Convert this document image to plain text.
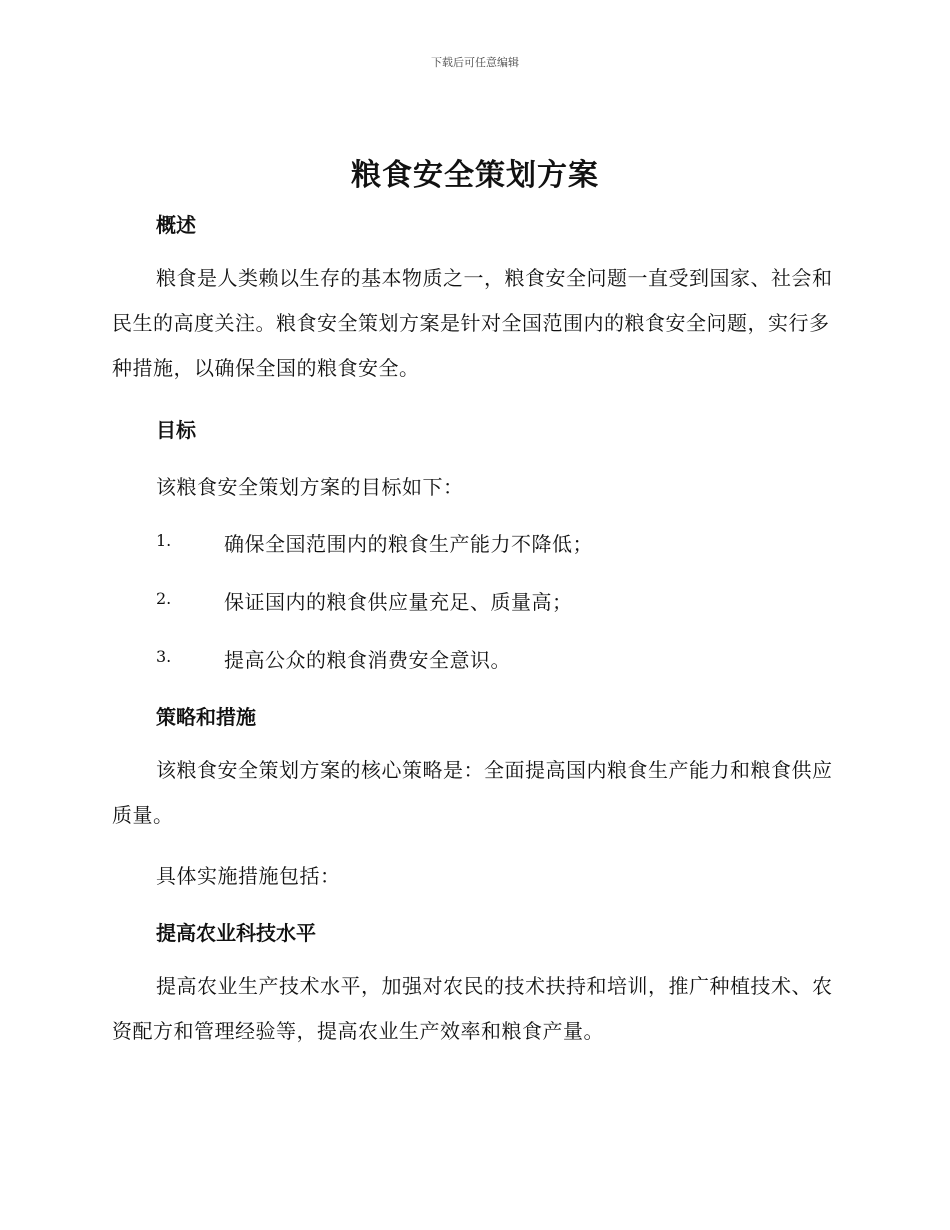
下载后可任意编辑
粮食安全策划方案
概述
粮食是人类赖以生存的基本物质之一，粮食安全问题一直受到国家、社会和民生的高度关注。粮食安全策划方案是针对全国范围内的粮食安全问题，实行多种措施，以确保全国的粮食安全。
目标
该粮食安全策划方案的目标如下：
1.	确保全国范围内的粮食生产能力不降低；
2.	保证国内的粮食供应量充足、质量高；
3.	提高公众的粮食消费安全意识。
策略和措施
该粮食安全策划方案的核心策略是：全面提高国内粮食生产能力和粮食供应质量。
具体实施措施包括：
提高农业科技水平
提高农业生产技术水平，加强对农民的技术扶持和培训，推广种植技术、农资配方和管理经验等，提高农业生产效率和粮食产量。
